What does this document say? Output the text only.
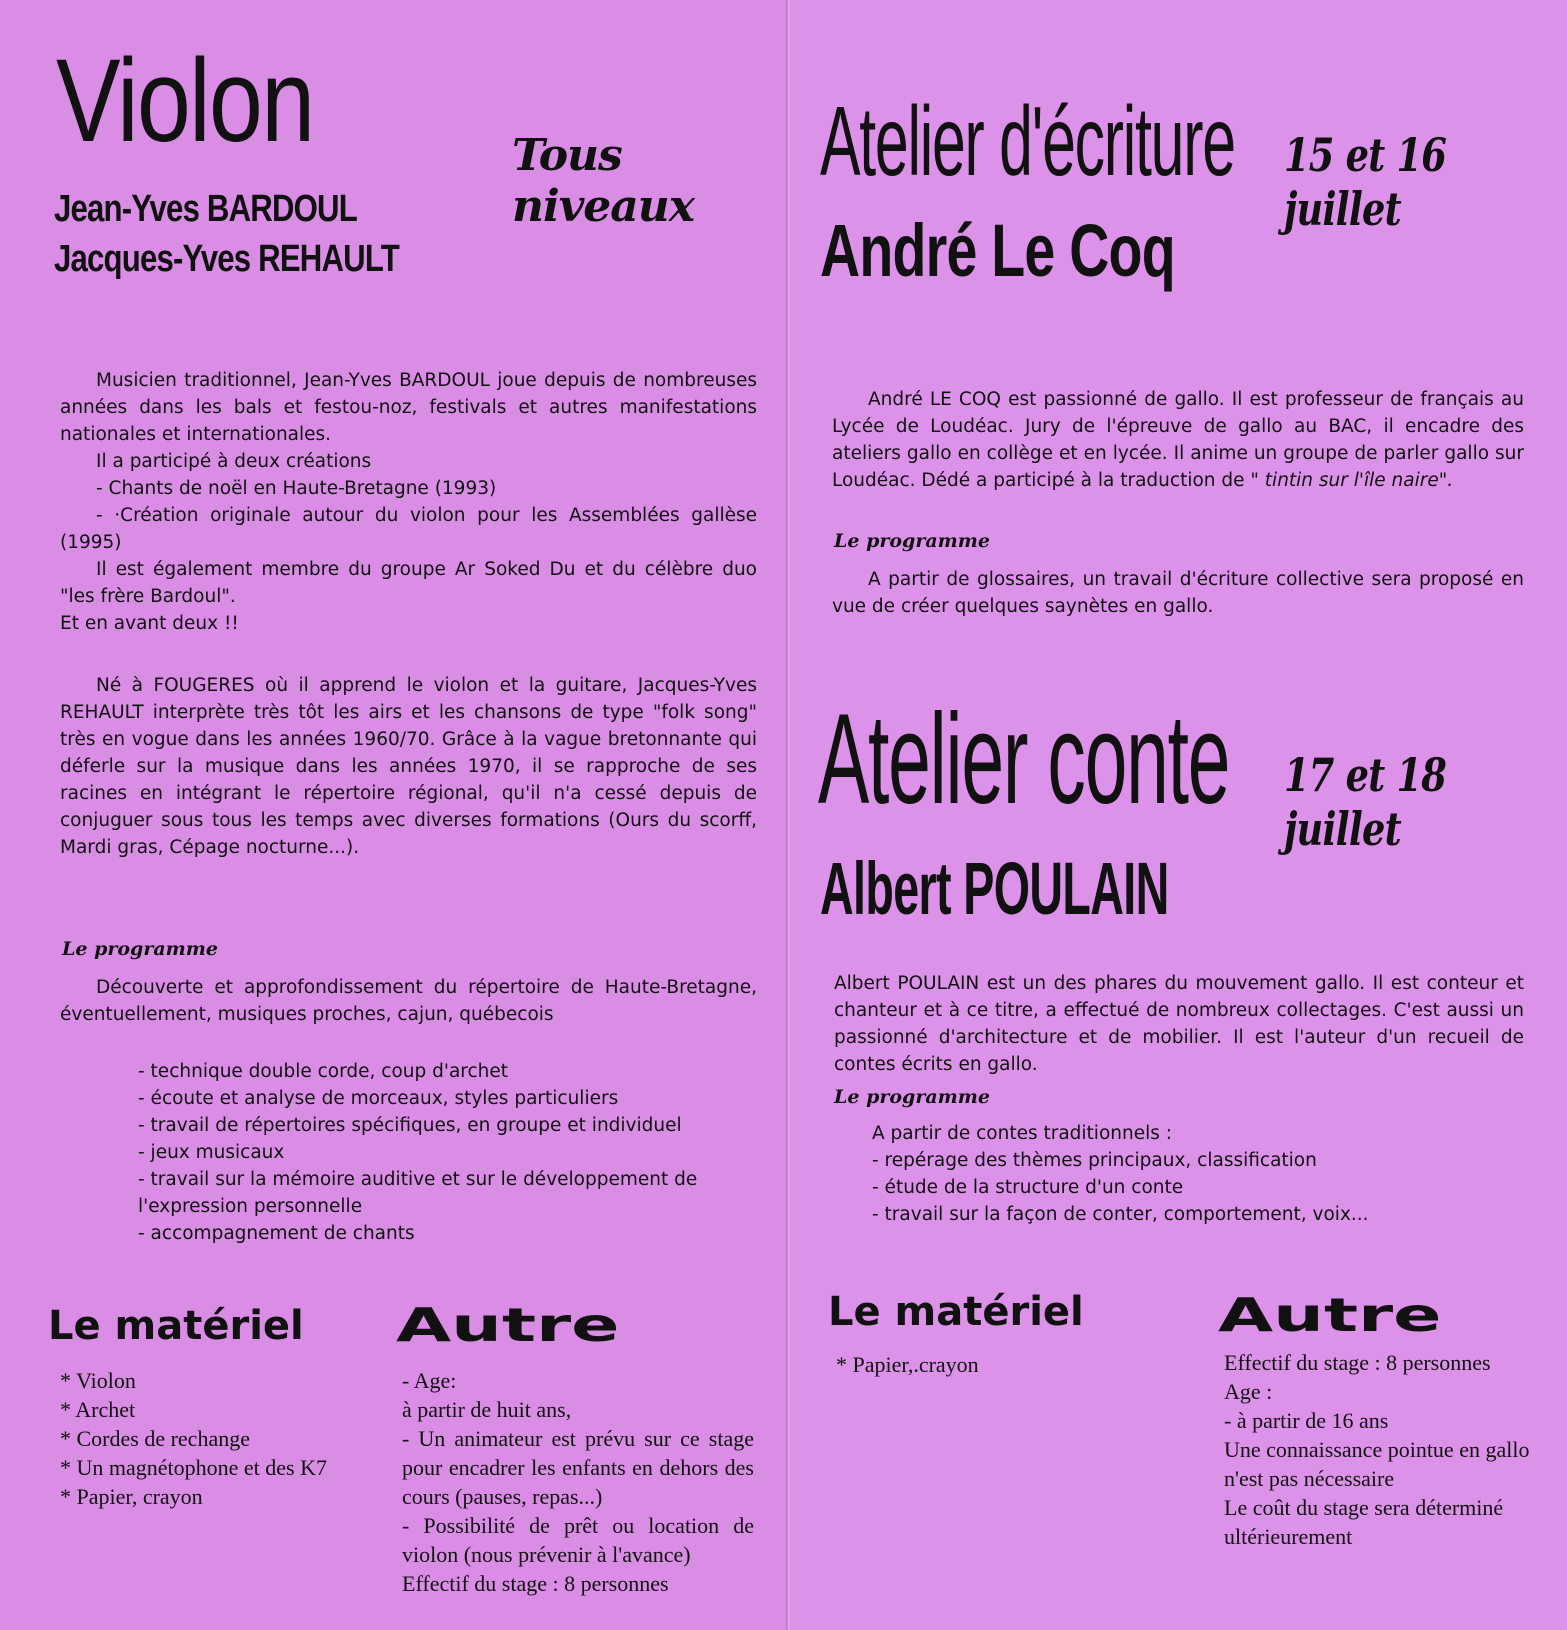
Violon	Tous niveaux
Jean-Yves BARDOUL
Jacques-Yves REHAULT

Musicien traditionnel, Jean-Yves BARDOUL joue depuis de nombreuses années dans les bals et festou-noz, festivals et autres manifestations nationales et internationales.

Il a participé à deux créations

- Chants de noël en Haute-Bretagne (1993)

- ·Création originale autour du violon pour les Assemblées gallèse (1995)

Il est également membre du groupe Ar Soked Du et du célèbre duo "les frère Bardoul".

Et en avant deux !!

Né à FOUGERES où il apprend le violon et la guitare, Jacques-Yves REHAULT interprète très tôt les airs et les chansons de type "folk song" très en vogue dans les années 1960/70. Grâce à la vague bretonnante qui déferle sur la musique dans les années 1970, il se rapproche de ses racines en intégrant le répertoire régional, qu'il n'a cessé depuis de conjuguer sous tous les temps avec diverses formations (Ours du scorff, Mardi gras, Cépage nocturne...).

Le programme

Découverte et approfondissement du répertoire de Haute-Bretagne, éventuellement, musiques proches, cajun, québecois

- technique double corde, coup d'archet

- écoute et analyse de morceaux, styles particuliers

- travail de répertoires spécifiques, en groupe et individuel

- jeux musicaux

- travail sur la mémoire auditive et sur le développement de l'expression personnelle

- accompagnement de chants

Le matériel Autre

* Violon

* Archet

* Cordes de rechange

* Un magnétophone et des K7

* Papier, crayon

- Age:

à partir de huit ans,

- Un animateur est prévu sur ce stage pour encadrer les enfants en dehors des cours (pauses, repas...)

- Possibilité de prêt ou location de violon (nous prévenir à l'avance)

Effectif du stage : 8 personnes

Atelier d'écriture 15 et 16 juillet
André Le Coq

André LE COQ est passionné de gallo. Il est professeur de français au Lycée de Loudéac. Jury de l'épreuve de gallo au BAC, il encadre des ateliers gallo en collège et en lycée. Il anime un groupe de parler gallo sur Loudéac. Dédé a participé à la traduction de " tintin sur l'île naire".

Le programme

A partir de glossaires, un travail d'écriture collective sera proposé en vue de créer quelques saynètes en gallo.

Atelier conte 17 et 18 juillet
Albert POULAIN

Albert POULAIN est un des phares du mouvement gallo. Il est conteur et chanteur et à ce titre, a effectué de nombreux collectages. C'est aussi un passionné d'architecture et de mobilier. Il est l'auteur d'un recueil de contes écrits en gallo.

Le programme

A partir de contes traditionnels :

- repérage des thèmes principaux, classification

- étude de la structure d'un conte

- travail sur la façon de conter, comportement, voix...

Le matériel	Autre

* Papier,.crayon	Effectif du stage : 8 personnes

Age :

- à partir de 16 ans

Une connaissance pointue en gallo n'est pas nécessaire

Le coût du stage sera déterminé ultérieurement
